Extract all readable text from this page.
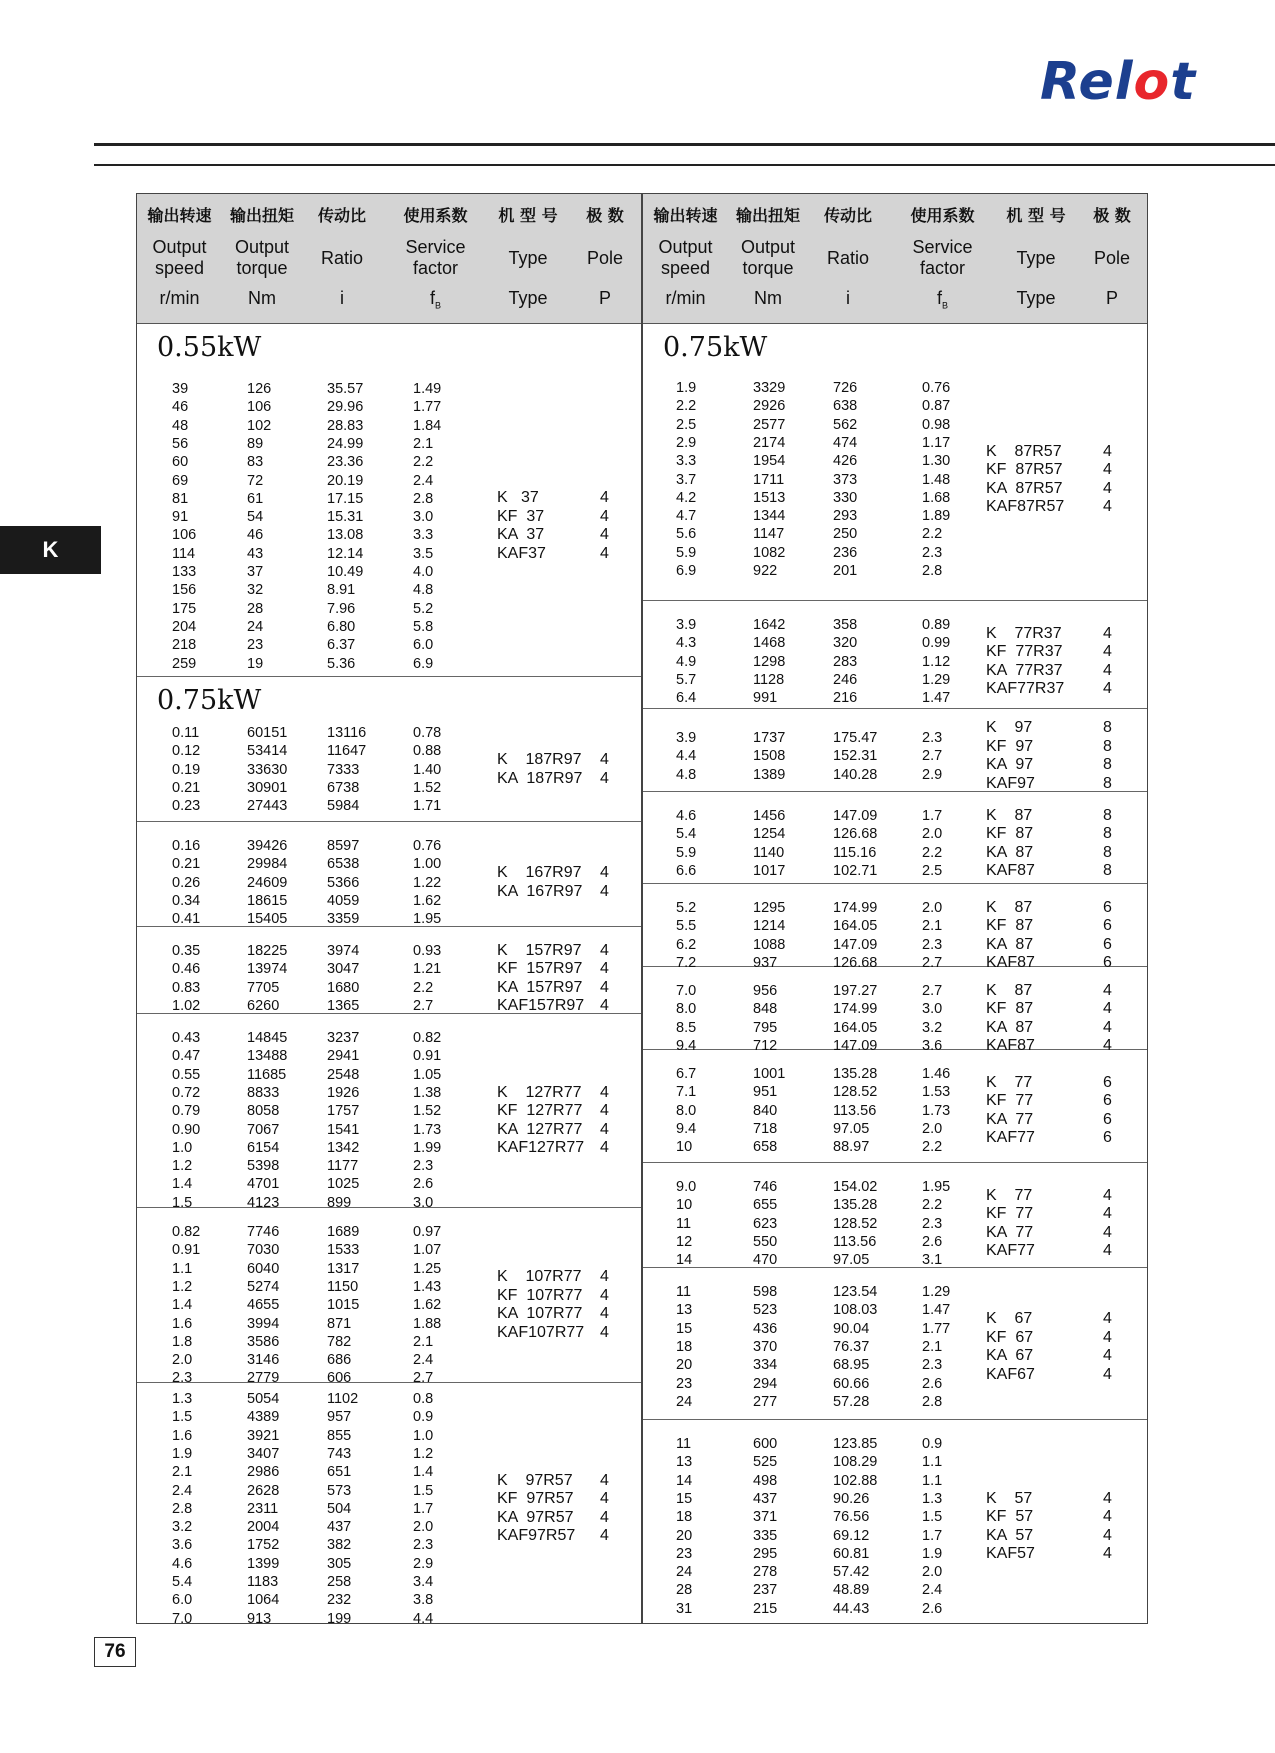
Relot
K
76
输出转速
Output
speed
r/min
输出扭矩
Output
torque
Nm
传动比
Ratio
i
使用系数
Service
factor
$f_B$
机 型 号
Type
Type
极 数
Pole
P
0.55kW
39	126	35.57	1.49
46	106	29.96	1.77
48	102	28.83	1.84
56	89	24.99	2.1
60	83	23.36	2.2
69	72	20.19	2.4
81	61	17.15	2.8
91	54	15.31	3.0
106	46	13.08	3.3
114	43	12.14	3.5
133	37	10.49	4.0
156	32	8.91	4.8
175	28	7.96	5.2
204	24	6.80	5.8
218	23	6.37	6.0
259	19	5.36	6.9
K   37	4
KF  37	4
KA  37	4
KAF37	4
0.75kW
0.11	60151	13116	0.78
0.12	53414	11647	0.88
0.19	33630	7333	1.40
0.21	30901	6738	1.52
0.23	27443	5984	1.71
K    187R97 4
KA  187R97 4
0.16	39426	8597	0.76
0.21	29984	6538	1.00
0.26	24609	5366	1.22
0.34	18615	4059	1.62
0.41	15405	3359	1.95
K    167R97 4
KA  167R97 4
0.35	18225	3974	0.93
0.46	13974	3047	1.21
0.83	7705	1680	2.2
1.02	6260	1365	2.7
K    157R97 4
KF  157R97 4
KA  157R97 4
KAF157R97 4
0.43	14845	3237	0.82
0.47	13488	2941	0.91
0.55	11685	2548	1.05
0.72	8833	1926	1.38
0.79	8058	1757	1.52
0.90	7067	1541	1.73
1.0	6154	1342	1.99
1.2	5398	1177	2.3
1.4	4701	1025	2.6
1.5	4123	899	3.0
K    127R77 4
KF  127R77 4
KA  127R77 4
KAF127R77 4
0.82	7746	1689	0.97
0.91	7030	1533	1.07
1.1	6040	1317	1.25
1.2	5274	1150	1.43
1.4	4655	1015	1.62
1.6	3994	871	1.88
1.8	3586	782	2.1
2.0	3146	686	2.4
2.3	2779	606	2.7
K    107R77 4
KF  107R77 4
KA  107R77 4
KAF107R77 4
1.3	5054	1102	0.8
1.5	4389	957	0.9
1.6	3921	855	1.0
1.9	3407	743	1.2
2.1	2986	651	1.4
2.4	2628	573	1.5
2.8	2311	504	1.7
3.2	2004	437	2.0
3.6	1752	382	2.3
4.6	1399	305	2.9
5.4	1183	258	3.4
6.0	1064	232	3.8
7.0	913	199	4.4
K    97R57 4
KF  97R57 4
KA  97R57 4
KAF97R57 4
输出转速
Output
speed
r/min
输出扭矩
Output
torque
Nm
传动比
Ratio
i
使用系数
Service
factor
$f_B$
机 型 号
Type
Type
极 数
Pole
P
0.75kW
1.9	3329	726	0.76
2.2	2926	638	0.87
2.5	2577	562	0.98
2.9	2174	474	1.17
3.3	1954	426	1.30
3.7	1711	373	1.48
4.2	1513	330	1.68
4.7	1344	293	1.89
5.6	1147	250	2.2
5.9	1082	236	2.3
6.9	922	201	2.8
K    87R57	4
KF  87R57	4
KA  87R57	4
KAF87R57 4
3.9	1642	358	0.89
4.3	1468	320	0.99
4.9	1298	283	1.12
5.7	1128	246	1.29
6.4	991	216	1.47
K    77R37	4
KF  77R37	4
KA  77R37	4
KAF77R37 4
3.9	1737	175.47	2.3
4.4	1508	152.31	2.7
4.8	1389	140.28	2.9
K    97	8
KF  97	8
KA  97	8
KAF97	8
4.6	1456	147.09	1.7
5.4	1254	126.68	2.0
5.9	1140	115.16	2.2
6.6	1017	102.71	2.5
K    87	8
KF  87	8
KA  87	8
KAF87	8
5.2	1295	174.99	2.0
5.5	1214	164.05	2.1
6.2	1088	147.09	2.3
7.2	937	126.68	2.7
K    87	6
KF  87	6
KA  87	6
KAF87	6
7.0	956	197.27	2.7
8.0	848	174.99	3.0
8.5	795	164.05	3.2
9.4	712	147.09	3.6
K    87	4
KF  87	4
KA  87	4
KAF87	4
6.7	1001	135.28	1.46
7.1	951	128.52	1.53
8.0	840	113.56	1.73
9.4	718	97.05	2.0
10	658	88.97	2.2
K    77	6
KF  77	6
KA  77	6
KAF77	6
9.0	746	154.02	1.95
10	655	135.28	2.2
11	623	128.52	2.3
12	550	113.56	2.6
14	470	97.05	3.1
K    77	4
KF  77	4
KA  77	4
KAF77	4
11	598	123.54	1.29
13	523	108.03	1.47
15	436	90.04	1.77
18	370	76.37	2.1
20	334	68.95	2.3
23	294	60.66	2.6
24	277	57.28	2.8
K    67	4
KF  67	4
KA  67	4
KAF67	4
11	600	123.85	0.9
13	525	108.29	1.1
14	498	102.88	1.1
15	437	90.26	1.3
18	371	76.56	1.5
20	335	69.12	1.7
23	295	60.81	1.9
24	278	57.42	2.0
28	237	48.89	2.4
31	215	44.43	2.6
K    57	4
KF  57	4
KA  57	4
KAF57	4
